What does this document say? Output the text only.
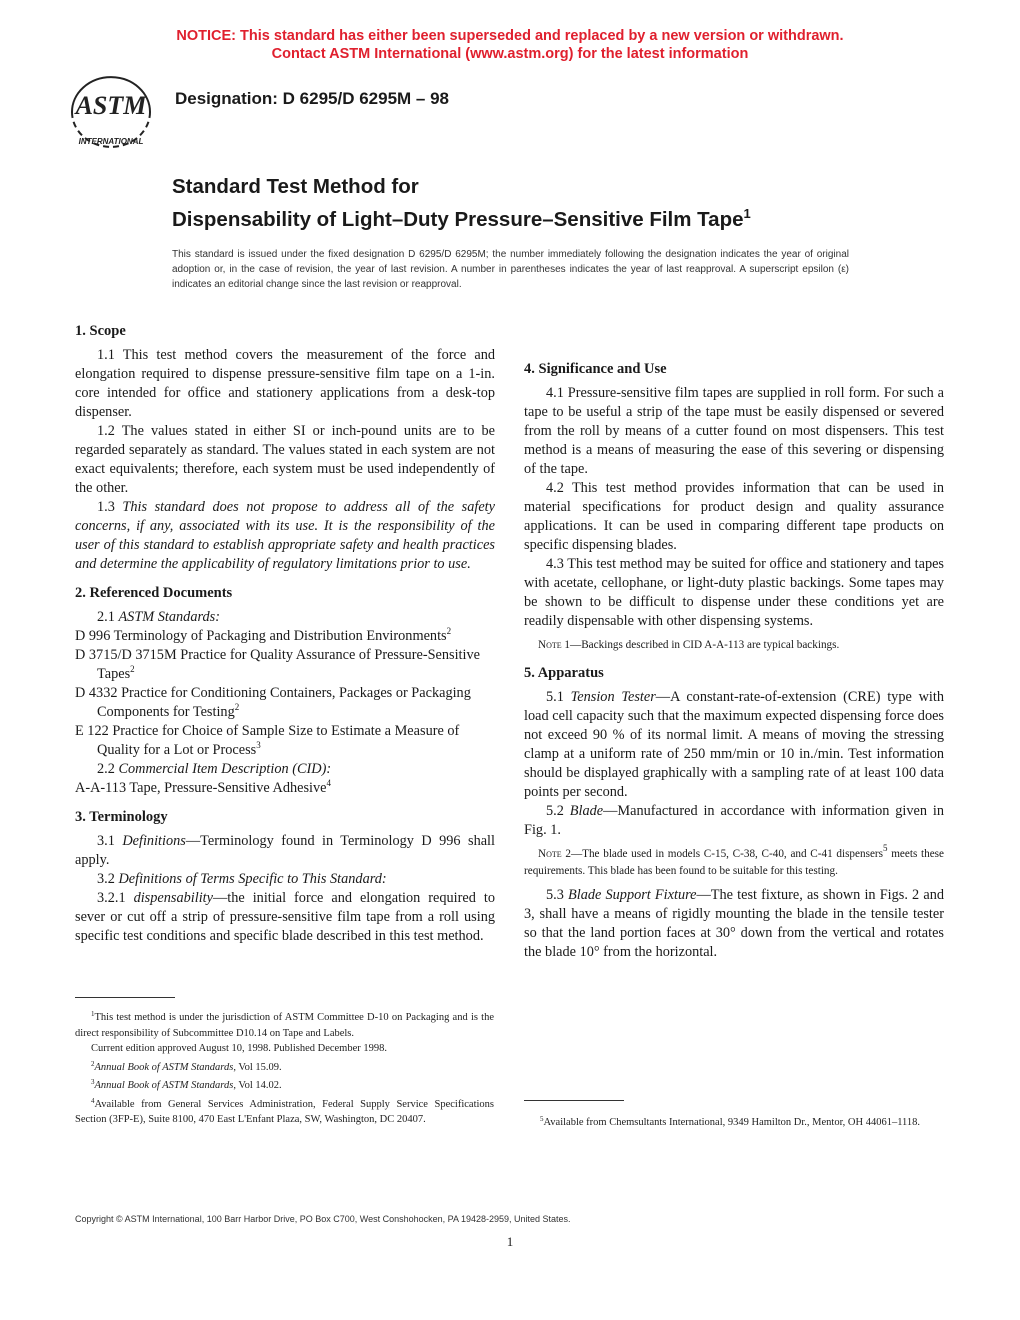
NOTICE: This standard has either been superseded and replaced by a new version or withdrawn.
Contact ASTM International (www.astm.org) for the latest information
ASTM
INTERNATIONAL
Designation: D 6295/D 6295M – 98
Standard Test Method for
Dispensability of Light–Duty Pressure–Sensitive Film Tape$^1$
This standard is issued under the fixed designation D 6295/D 6295M; the number immediately following the designation indicates the year of original adoption or, in the case of revision, the year of last revision. A number in parentheses indicates the year of last reapproval. A superscript epsilon (ε) indicates an editorial change since the last revision or reapproval.
1. Scope

1.1 This test method covers the measurement of the force and elongation required to dispense pressure-sensitive film tape on a 1-in. core intended for office and stationery applications from a desk-top dispenser.

1.2 The values stated in either SI or inch-pound units are to be regarded separately as standard. The values stated in each system are not exact equivalents; therefore, each system must be used independently of the other.

1.3 This standard does not propose to address all of the safety concerns, if any, associated with its use. It is the responsibility of the user of this standard to establish appropriate safety and health practices and determine the applicability of regulatory limitations prior to use.

2. Referenced Documents

2.1 ASTM Standards:

D 996 Terminology of Packaging and Distribution Environments$^2$

D 3715/D 3715M Practice for Quality Assurance of Pressure-Sensitive Tapes$^2$

D 4332 Practice for Conditioning Containers, Packages or Packaging Components for Testing$^2$

E 122 Practice for Choice of Sample Size to Estimate a Measure of Quality for a Lot or Process$^3$

2.2 Commercial Item Description (CID):

A-A-113 Tape, Pressure-Sensitive Adhesive$^4$

3. Terminology

3.1 Definitions—Terminology found in Terminology D 996 shall apply.

3.2 Definitions of Terms Specific to This Standard:

3.2.1 dispensability—the initial force and elongation required to sever or cut off a strip of pressure-sensitive film tape from a roll using specific test conditions and specific blade described in this test method.

4. Significance and Use

4.1 Pressure-sensitive film tapes are supplied in roll form. For such a tape to be useful a strip of the tape must be easily dispensed or severed from the roll by means of a cutter found on most dispensers. This test method is a means of measuring the ease of this severing or dispensing of the tape.

4.2 This test method provides information that can be used in material specifications for product design and quality assurance applications. It can be used in comparing different tape products on specific dispensing blades.

4.3 This test method may be suited for office and stationery and tapes with acetate, cellophane, or light-duty plastic backings. Some tapes may be shown to be difficult to dispense under these conditions yet are readily dispensable with other dispensing systems.

Note 1—Backings described in CID A-A-113 are typical backings.

5. Apparatus

5.1 Tension Tester—A constant-rate-of-extension (CRE) type with load cell capacity such that the maximum expected dispensing force does not exceed 90 % of its normal limit. A means of moving the stressing clamp at a uniform rate of 250 mm/min or 10 in./min. Test information should be displayed graphically with a sampling rate of at least 100 data points per second.

5.2 Blade—Manufactured in accordance with information given in Fig. 1.

Note 2—The blade used in models C-15, C-38, C-40, and C-41 dispensers$^5$ meets these requirements. This blade has been found to be suitable for this testing.

5.3 Blade Support Fixture—The test fixture, as shown in Figs. 2 and 3, shall have a means of rigidly mounting the blade in the tensile tester so that the land portion faces at 30° down from the vertical and rotates the blade 10° from the horizontal.

$^1$This test method is under the jurisdiction of ASTM Committee D-10 on Packaging and is the direct responsibility of Subcommittee D10.14 on Tape and Labels.

Current edition approved August 10, 1998. Published December 1998.

$^2$Annual Book of ASTM Standards, Vol 15.09.

$^3$Annual Book of ASTM Standards, Vol 14.02.

$^4$Available from General Services Administration, Federal Supply Service Specifications Section (3FP-E), Suite 8100, 470 East L'Enfant Plaza, SW, Washington, DC 20407.	$^5$Available from Chemsultants International, 9349 Hamilton Dr., Mentor, OH 44061–1118.

Copyright © ASTM International, 100 Barr Harbor Drive, PO Box C700, West Conshohocken, PA 19428-2959, United States.
1
